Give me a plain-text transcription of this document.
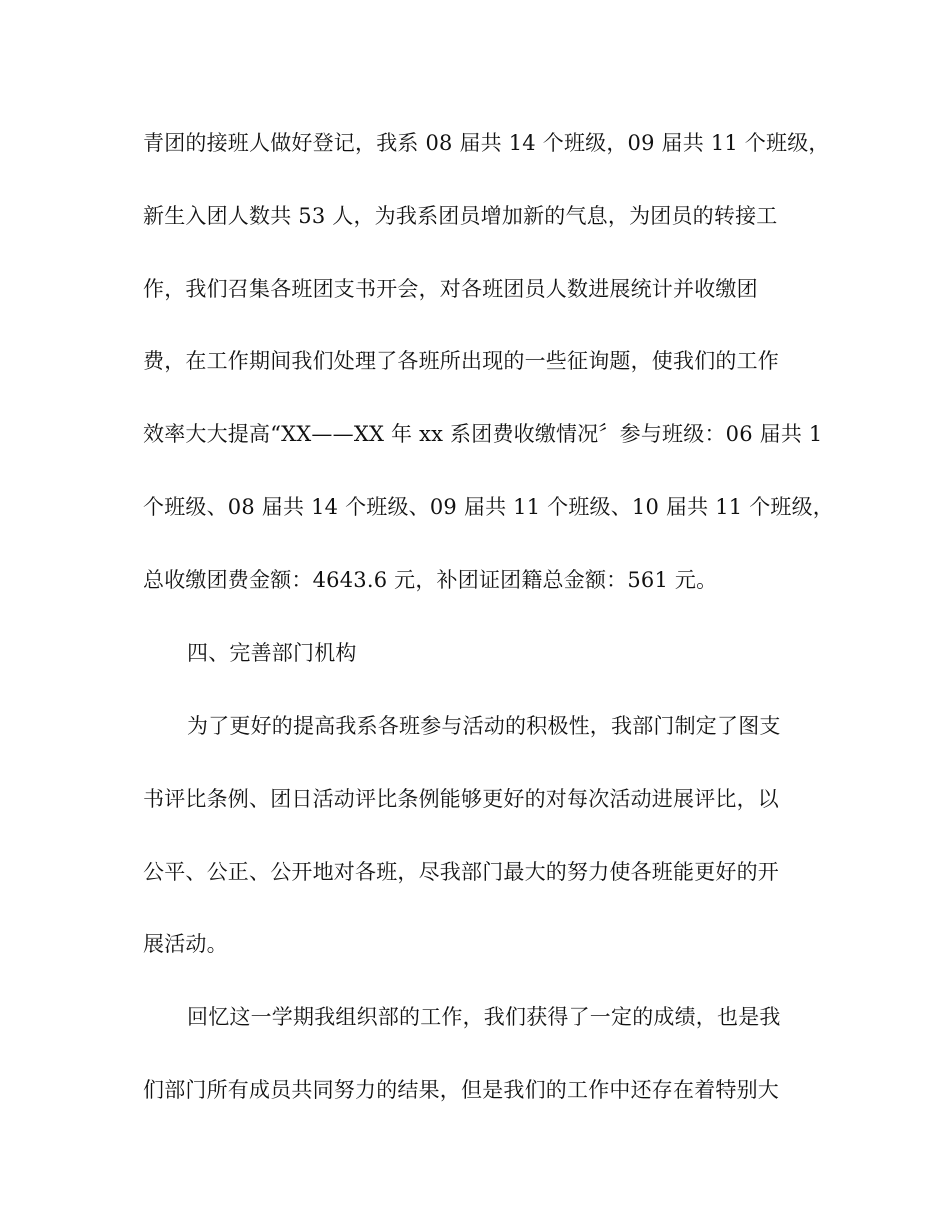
青团的接班人做好登记，我系 08 届共 14 个班级，09 届共 11 个班级，
新生入团人数共 53 人，为我系团员增加新的气息，为团员的转接工
作，我们召集各班团支书开会，对各班团员人数进展统计并收缴团
费，在工作期间我们处理了各班所出现的一些征询题，使我们的工作
效率大大提高“XX——XX 年 xx 系团费收缴情况〞参与班级：06 届共 1
个班级、08 届共 14 个班级、09 届共 11 个班级、10 届共 11 个班级，
总收缴团费金额：4643.6 元，补团证团籍总金额：561 元。
四、完善部门机构
为了更好的提高我系各班参与活动的积极性，我部门制定了图支
书评比条例、团日活动评比条例能够更好的对每次活动进展评比，以
公平、公正、公开地对各班，尽我部门最大的努力使各班能更好的开
展活动。
回忆这一学期我组织部的工作，我们获得了一定的成绩，也是我
们部门所有成员共同努力的结果，但是我们的工作中还存在着特别大
